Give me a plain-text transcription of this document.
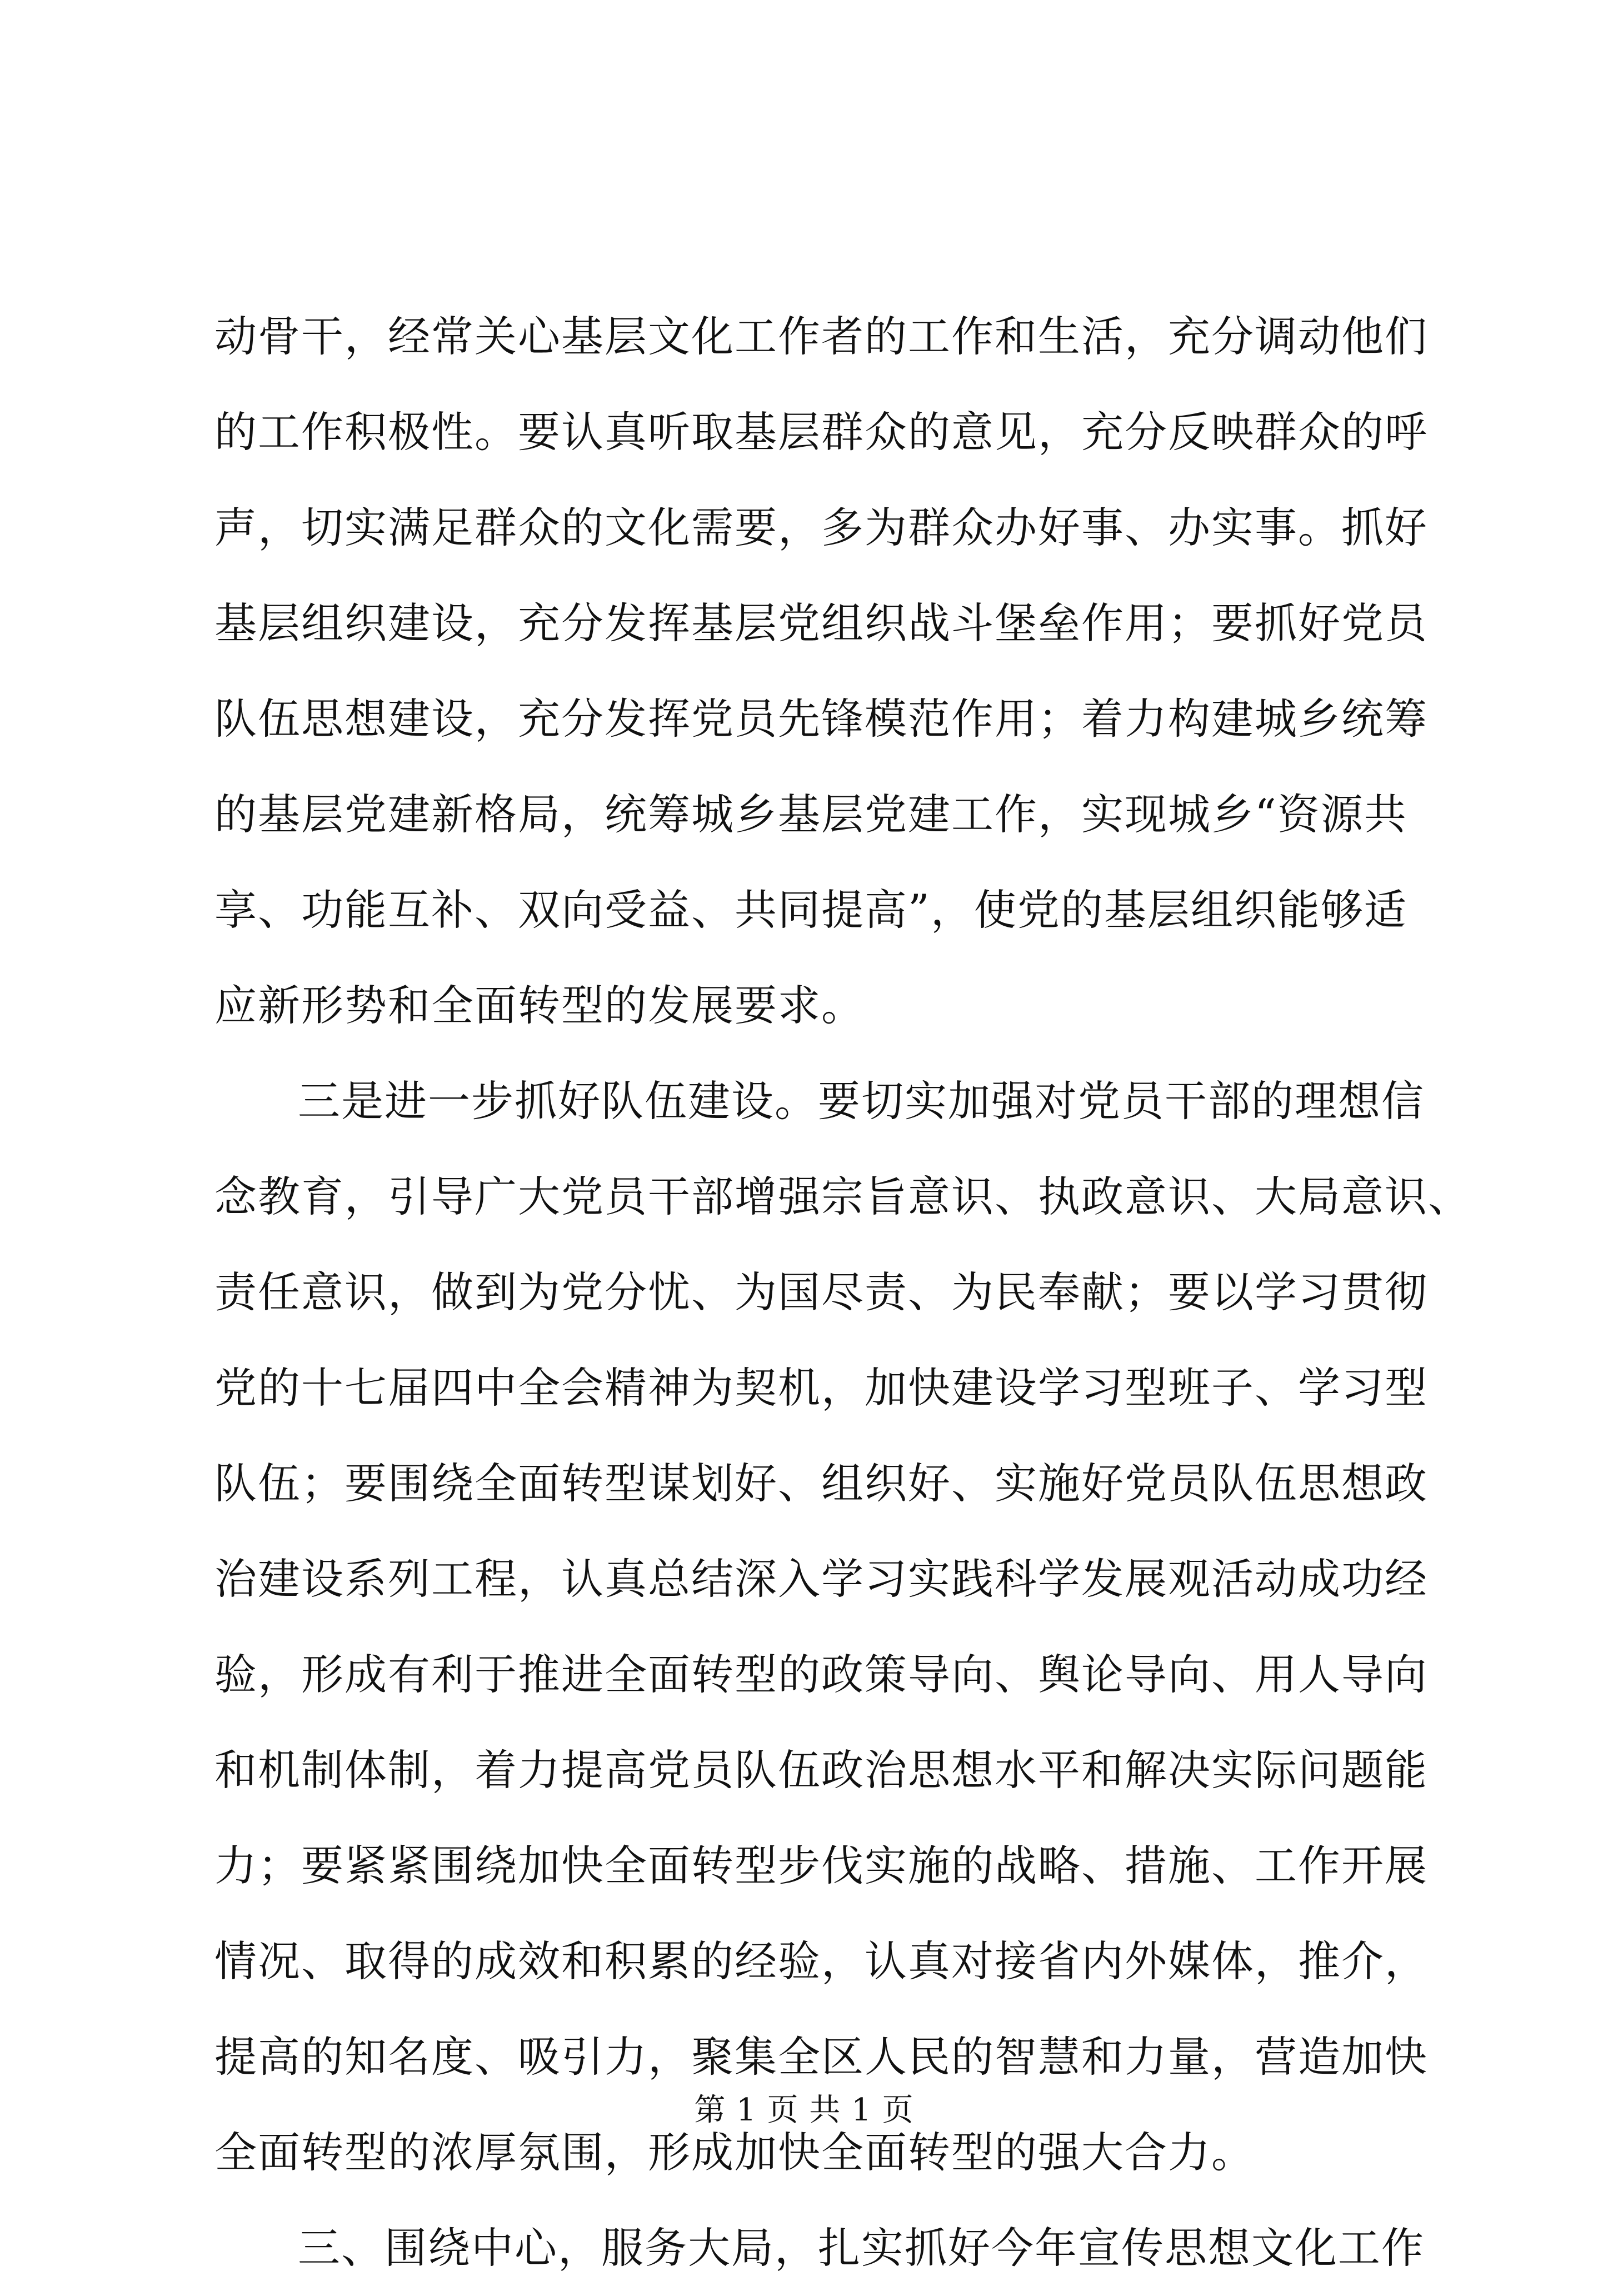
动骨干，经常关心基层文化工作者的工作和生活，充分调动他们
的工作积极性。要认真听取基层群众的意见，充分反映群众的呼
声，切实满足群众的文化需要，多为群众办好事、办实事。抓好
基层组织建设，充分发挥基层党组织战斗堡垒作用；要抓好党员
队伍思想建设，充分发挥党员先锋模范作用；着力构建城乡统筹
的基层党建新格局，统筹城乡基层党建工作，实现城乡“资源共
享、功能互补、双向受益、共同提高”，使党的基层组织能够适
应新形势和全面转型的发展要求。
三是进一步抓好队伍建设。要切实加强对党员干部的理想信
念教育，引导广大党员干部增强宗旨意识、执政意识、大局意识、
责任意识，做到为党分忧、为国尽责、为民奉献；要以学习贯彻
党的十七届四中全会精神为契机，加快建设学习型班子、学习型
队伍；要围绕全面转型谋划好、组织好、实施好党员队伍思想政
治建设系列工程，认真总结深入学习实践科学发展观活动成功经
验，形成有利于推进全面转型的政策导向、舆论导向、用人导向
和机制体制，着力提高党员队伍政治思想水平和解决实际问题能
力；要紧紧围绕加快全面转型步伐实施的战略、措施、工作开展
情况、取得的成效和积累的经验，认真对接省内外媒体，推介，
提高的知名度、吸引力，聚集全区人民的智慧和力量，营造加快
全面转型的浓厚氛围，形成加快全面转型的强大合力。
三、围绕中心，服务大局，扎实抓好今年宣传思想文化工作
第 1 页 共 1 页
